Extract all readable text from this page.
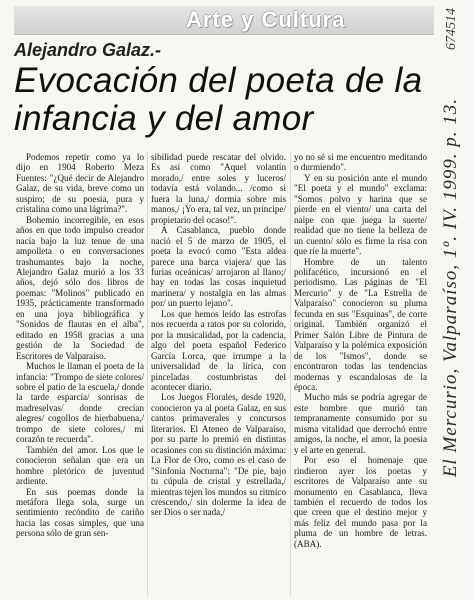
Arte y Cultura
Alejandro Galaz.-
Evocación del poeta de la infancia y del amor

Podemos repetir como ya lo dijo en 1904 Roberto Meza Fuentes: "¿Qué decir de Alejandro Galaz, de su vida, breve como un suspiro; de su poesía, pura y cristalina como una lágrima?".

Bohemio incorregible, en esos años en que todo impulso creador nacía bajo la luz tenue de una ampolleta o en conversaciones trashumantes bajo la noche, Alejandro Galaz murió a los 33 años, dejó sólo dos libros de poemas: "Molinos" publicado en 1935, prácticamente transformado en una joya bibliográfica y "Sonidos de flautas en el alba", editado en 1958 gracias a una gestión de la Sociedad de Escritores de Valparaíso.

Muchos le llaman el poeta de la infancia: "Trompo de siete colores/ sobre el patio de la escuela,/ donde la tarde esparcía/ sonrisas de madreselvas/ donde crecían alegres/ cogollos de hierbabuena,/ trompo de siete colores,/ mi corazón te recuerda".

También del amor. Los que le conocieron señalan que era un hombre pletórico de juventud ardiente.

En sus poemas donde la metáfora llega sola, surge un sentimiento recóndito de cariño hacia las cosas simples, que una persona sólo de gran sen-

sibilidad puede rescatar del olvido. Es así como "Aquel volantín morado,/ entre soles y luceros/ todavía está volando... /como si fuera la luna,/ dormía sobre mis manos,/ ¡Yo era, tal vez, un príncipe/ propietario del ocaso!".

A Casablanca, pueblo donde nació el 5 de marzo de 1905, el poeta la evocó como "Esta aldea parece una barca viajera/ que las furias oceánicas/ arrojaron al llano;/ hay en todas las cosas inquietud marinera/ y nostalgia en las almas por/ un puerto lejano".

Los que hemos leído las estrofas nos recuerda a ratos por su colorido, por la musicalidad, por la cadencia, algo del poeta español Federico García Lorca, que irrumpe a la universalidad de la lírica, con pinceladas costumbristas del acontecer diario.

Los Juegos Florales, desde 1920, conocieron ya al poeta Galaz, en sus cantos primaverales y concursos literarios. El Ateneo de Valparaíso, por su parte lo premió en distintas ocasiones con su distinción máxima: La Flor de Oro, como es el caso de "Sinfonía Nocturna": "De pie, bajo tu cúpula de cristal y estrellada,/ mientras tejen los mundos su ritmico crescendo,/ sin dolerme la idea de ser Dios o ser nada,/

yo no sé si me encuentro meditando o durmiendo".

Y en su posición ante el mundo "El poeta y el mundo" exclama: "Somos polvo y harina que se pierde en el viento/ una carta del naipe con que juega la suerte/ realidad que no tiene la belleza de un cuento/ sólo es firme la risa con que ríe la muerte".

Hombre de un talento polifacético, incursionó en el periodismo. Las páginas de "El Mercurio" y de "La Estrella de Valparaíso" conocieron su pluma fecunda en sus "Esquinas", de corte original. También organizó el Primer Salón Libre de Pintura de Valparaíso y la polémica exposición de los "Ismos", donde se encontraron todas las tendencias modernas y escandalosas de la época.

Mucho más se podría agregar de este hombre que murió tan tempranamente consumido por su misma vitalidad que derrochó entre amigos, la noche, el amor, la poesía y el arte en general.

Por eso el homenaje que rindieron ayer los poetas y escritores de Valparaíso ante su monumento en Casablanca, lleva también el recuerdo de todos los que creen que el destino mejor y más feliz del mundo pasa por la pluma de un hombre de letras. (ABA).

674514
El Mercurio, Valparaíso, 1º. IV. 1999. p. 13.
